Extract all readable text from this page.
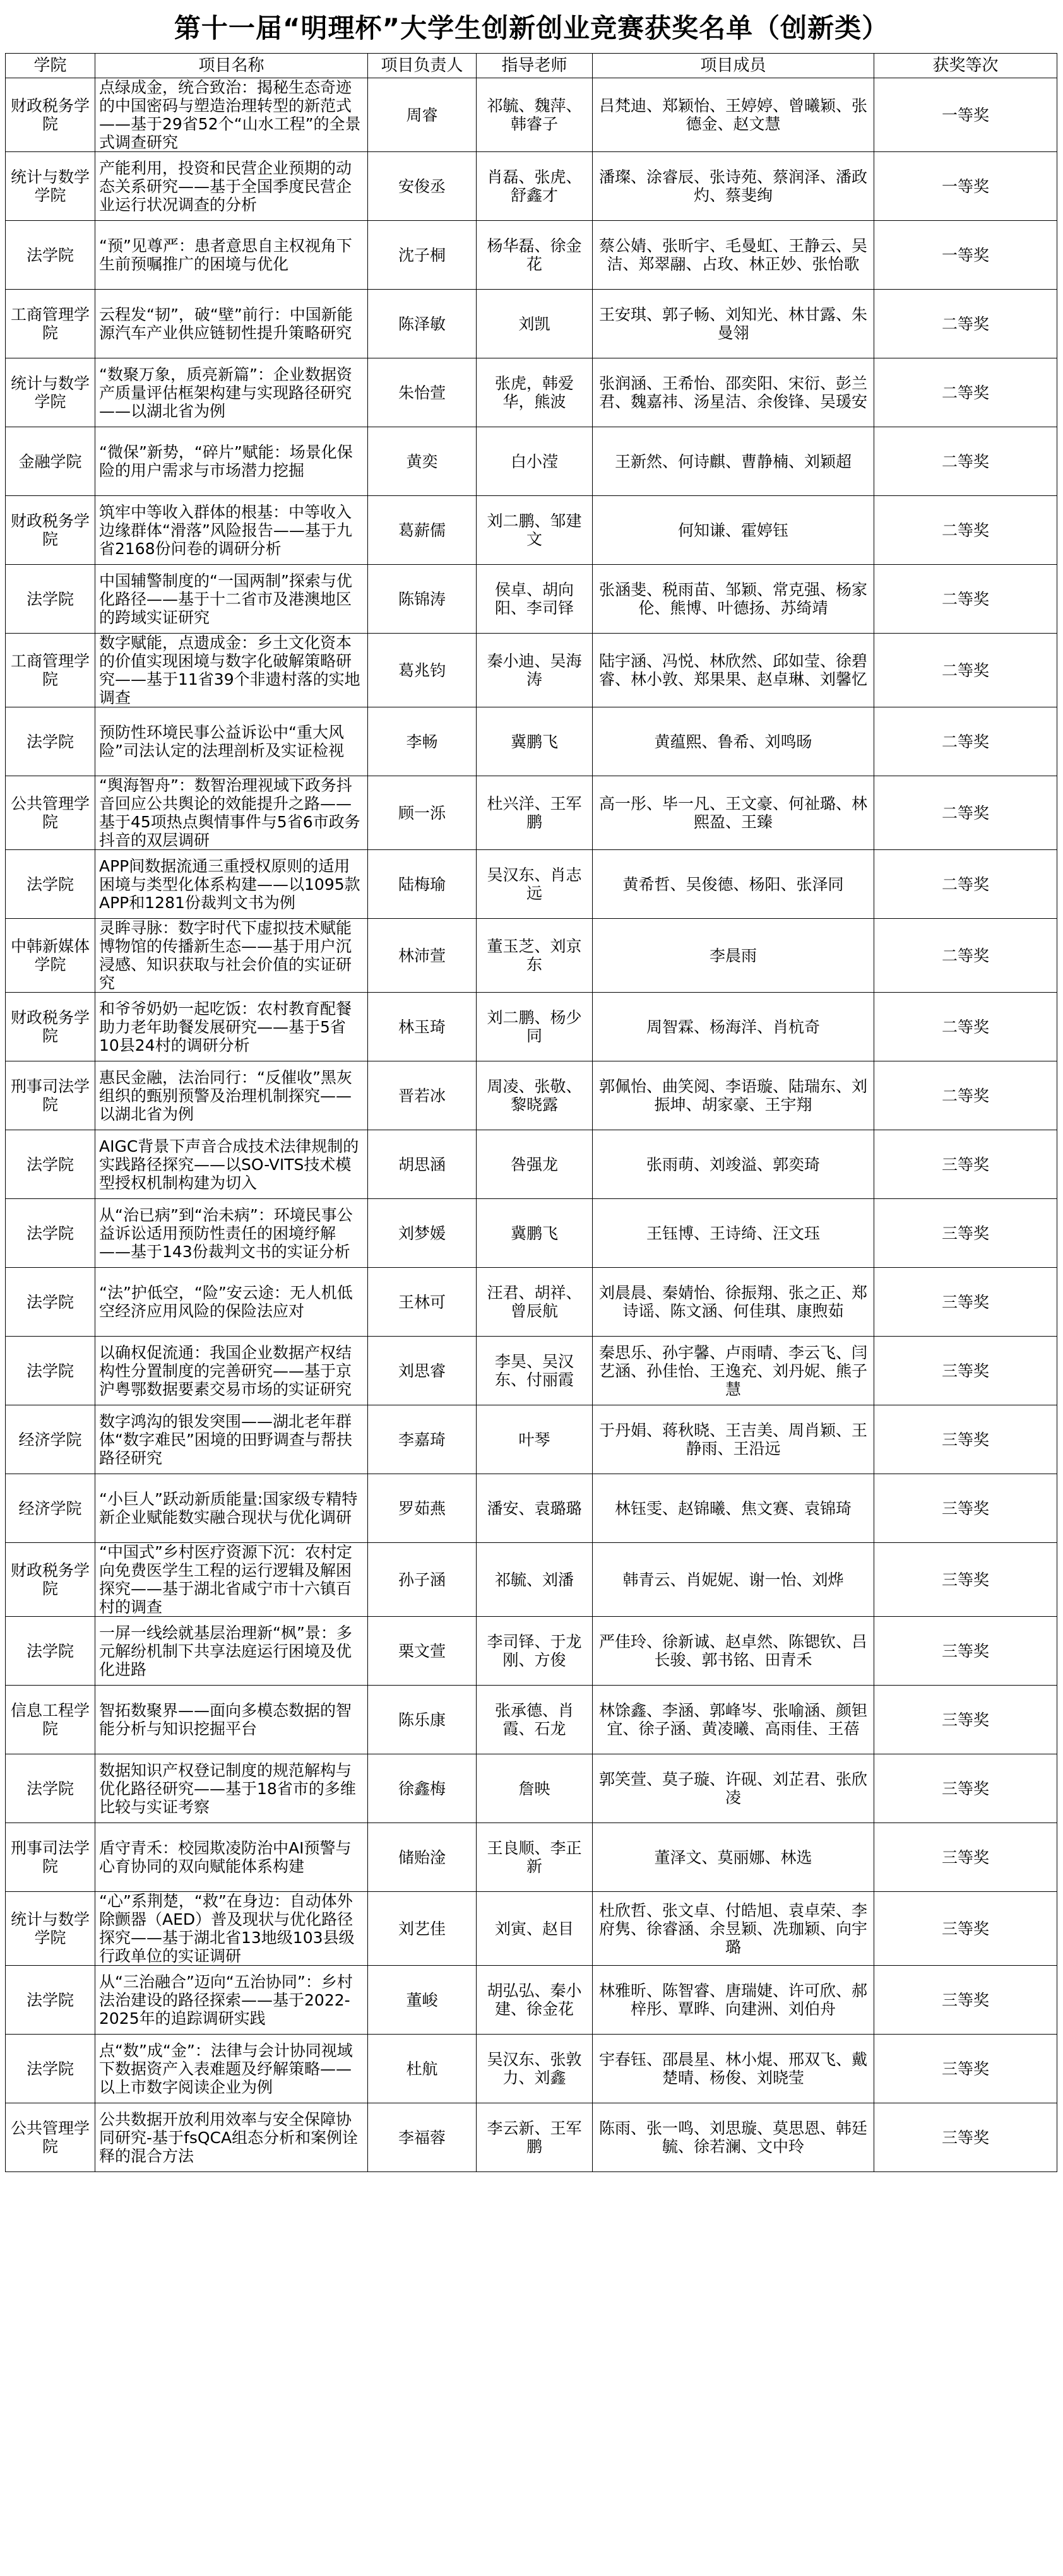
第十一届“明理杯”大学生创新创业竞赛获奖名单（创新类）
学院	项目名称	项目负责人	指导老师	项目成员	获奖等次

财政税务学院	点绿成金，统合致治：揭秘生态奇迹的中国密码与塑造治理转型的新范式——基于29省52个“山水工程”的全景式调查研究	周睿	祁毓、魏萍、韩睿子	吕梵迪、郑颖怡、王婷婷、曾曦颖、张德金、赵文慧	一等奖

统计与数学学院	产能利用，投资和民营企业预期的动态关系研究——基于全国季度民营企业运行状况调查的分析	安俊丞	肖磊、张虎、舒鑫才	潘璨、涂睿辰、张诗苑、蔡润泽、潘政灼、蔡斐绚	一等奖

法学院	“预”见尊严：患者意思自主权视角下生前预嘱推广的困境与优化	沈子桐	杨华磊、徐金花	蔡公婧、张昕宇、毛曼虹、王静云、吴洁、郑翠翮、占玫、林正妙、张怡歌	一等奖

工商管理学院	云程发“韧”，破“壁”前行：中国新能源汽车产业供应链韧性提升策略研究	陈泽敏	刘凯	王安琪、郭子畅、刘知光、林甘露、朱曼翎	二等奖

统计与数学学院	“数聚万象，质亮新篇”：企业数据资产质量评估框架构建与实现路径研究——以湖北省为例	朱怡萱	张虎，韩爱华，熊波	张润涵、王希怡、邵奕阳、宋衍、彭兰君、魏嘉祎、汤星洁、余俊锋、吴瑗安	二等奖

金融学院	“微保”新势，“碎片”赋能：场景化保险的用户需求与市场潜力挖掘	黄奕	白小滢	王新然、何诗麒、曹静楠、刘颖超	二等奖

财政税务学院	筑牢中等收入群体的根基：中等收入边缘群体“滑落”风险报告——基于九省2168份问卷的调研分析	葛薪儒	刘二鹏、邹建文	何知谦、霍婷钰	二等奖

法学院	中国辅警制度的“一国两制”探索与优化路径——基于十二省市及港澳地区的跨域实证研究	陈锦涛	侯卓、胡向阳、李司铎	张涵斐、税雨苗、邹颖、常克强、杨家伦、熊博、叶德扬、苏绮靖	二等奖

工商管理学院	数字赋能，点遗成金：乡土文化资本的价值实现困境与数字化破解策略研究——基于11省39个非遗村落的实地调查	葛兆钧	秦小迪、吴海涛	陆宇涵、冯悦、林欣然、邱如莹、徐碧睿、林小敦、郑果果、赵卓琳、刘馨忆	二等奖

法学院	预防性环境民事公益诉讼中“重大风险”司法认定的法理剖析及实证检视	李畅	冀鹏飞	黄蕴熙、鲁希、刘鸣旸	二等奖

公共管理学院	“舆海智舟”：数智治理视域下政务抖音回应公共舆论的效能提升之路——基于45项热点舆情事件与5省6市政务抖音的双层调研	顾一泺	杜兴洋、王军鹏	高一彤、毕一凡、王文豪、何祉璐、林熙盈、王臻	二等奖

法学院	APP间数据流通三重授权原则的适用困境与类型化体系构建——以1095款APP和1281份裁判文书为例	陆梅瑜	吴汉东、肖志远	黄希哲、吴俊德、杨阳、张泽同	二等奖

中韩新媒体学院	灵眸寻脉：数字时代下虚拟技术赋能博物馆的传播新生态——基于用户沉浸感、知识获取与社会价值的实证研究	林沛萱	董玉芝、刘京东	李晨雨	二等奖

财政税务学院	和爷爷奶奶一起吃饭：农村教育配餐助力老年助餐发展研究——基于5省10县24村的调研分析	林玉琦	刘二鹏、杨少同	周智霖、杨海洋、肖杭奇	二等奖

刑事司法学院	惠民金融，法治同行：“反催收”黑灰组织的甄别预警及治理机制探究——以湖北省为例	晋若冰	周凌、张敬、黎晓露	郭佩怡、曲笑阅、李语璇、陆瑞东、刘振坤、胡家豪、王宇翔	二等奖

法学院	AIGC背景下声音合成技术法律规制的实践路径探究——以SO-VITS技术模型授权机制构建为切入	胡思涵	咎强龙	张雨萌、刘竣溢、郭奕琦	三等奖

法学院	从“治已病”到“治未病”：环境民事公益诉讼适用预防性责任的困境纾解——基于143份裁判文书的实证分析	刘梦媛	冀鹏飞	王钰博、王诗绮、汪文珏	三等奖

法学院	“法”护低空，“险”安云途：无人机低空经济应用风险的保险法应对	王林可	汪君、胡祥、曾辰航	刘晨晨、秦婧怡、徐振翔、张之正、郑诗谣、陈文涵、何佳琪、康煦茹	三等奖

法学院	以确权促流通：我国企业数据产权结构性分置制度的完善研究——基于京沪粤鄂数据要素交易市场的实证研究	刘思睿	李昊、吴汉东、付丽霞	秦思乐、孙宇馨、卢雨晴、李云飞、闫艺涵、孙佳怡、王逸充、刘丹妮、熊子慧	三等奖

经济学院	数字鸿沟的银发突围——湖北老年群体“数字难民”困境的田野调查与帮扶路径研究	李嘉琦	叶琴	于丹娟、蒋秋晓、王吉美、周肖颖、王静雨、王沿远	三等奖

经济学院	“小巨人”跃动新质能量:国家级专精特新企业赋能数实融合现状与优化调研	罗茹燕	潘安、袁璐璐	林钰雯、赵锦曦、焦文赛、袁锦琦	三等奖

财政税务学院	“中国式”乡村医疗资源下沉：农村定向免费医学生工程的运行逻辑及解困探究——基于湖北省咸宁市十六镇百村的调查	孙子涵	祁毓、刘潘	韩青云、肖妮妮、谢一怡、刘烨	三等奖

法学院	一屏一线绘就基层治理新“枫”景：多元解纷机制下共享法庭运行困境及优化进路	栗文萱	李司铎、于龙刚、方俊	严佳玲、徐新诚、赵卓然、陈锶钦、吕长骏、郭书铭、田青禾	三等奖

信息工程学院	智拓数聚界——面向多模态数据的智能分析与知识挖掘平台	陈乐康	张承德、肖霞、石龙	林馀鑫、李涵、郭峰岑、张喻涵、颜钽宜、徐子涵、黄凌曦、高雨佳、王蓓	三等奖

法学院	数据知识产权登记制度的规范解构与优化路径研究——基于18省市的多维比较与实证考察	徐鑫梅	詹映	郭笑萱、莫子璇、许砚、刘芷君、张欣凌	三等奖

刑事司法学院	盾守青禾：校园欺凌防治中AI预警与心育协同的双向赋能体系构建	储贻淦	王良顺、李正新	董泽文、莫丽娜、林选	三等奖

统计与数学学院	“心”系荆楚，“救”在身边：自动体外除颤器（AED）普及现状与优化路径探究——基于湖北省13地级103县级行政单位的实证调研	刘艺佳	刘寅、赵目	杜欣哲、张文卓、付皓旭、袁卓荣、李府隽、徐睿涵、余昱颖、冼珈颖、向宇璐	三等奖

法学院	从“三治融合”迈向“五治协同”：乡村法治建设的路径探索——基于2022-2025年的追踪调研实践	董峻	胡弘弘、秦小建、徐金花	林雅昕、陈智睿、唐瑞婕、许可欣、郝梓彤、覃晔、向建洲、刘伯舟	三等奖

法学院	点“数”成“金”：法律与会计协同视域下数据资产入表难题及纾解策略——以上市数字阅读企业为例	杜航	吴汉东、张敦力、刘鑫	宇春钰、邵晨星、林小焜、邢双飞、戴楚晴、杨俊、刘晓莹	三等奖

公共管理学院	公共数据开放利用效率与安全保障协同研究-基于fsQCA组态分析和案例诠释的混合方法	李福蓉	李云新、王军鹏	陈雨、张一鸣、刘思璇、莫思恩、韩廷毓、徐若澜、文中玲	三等奖
